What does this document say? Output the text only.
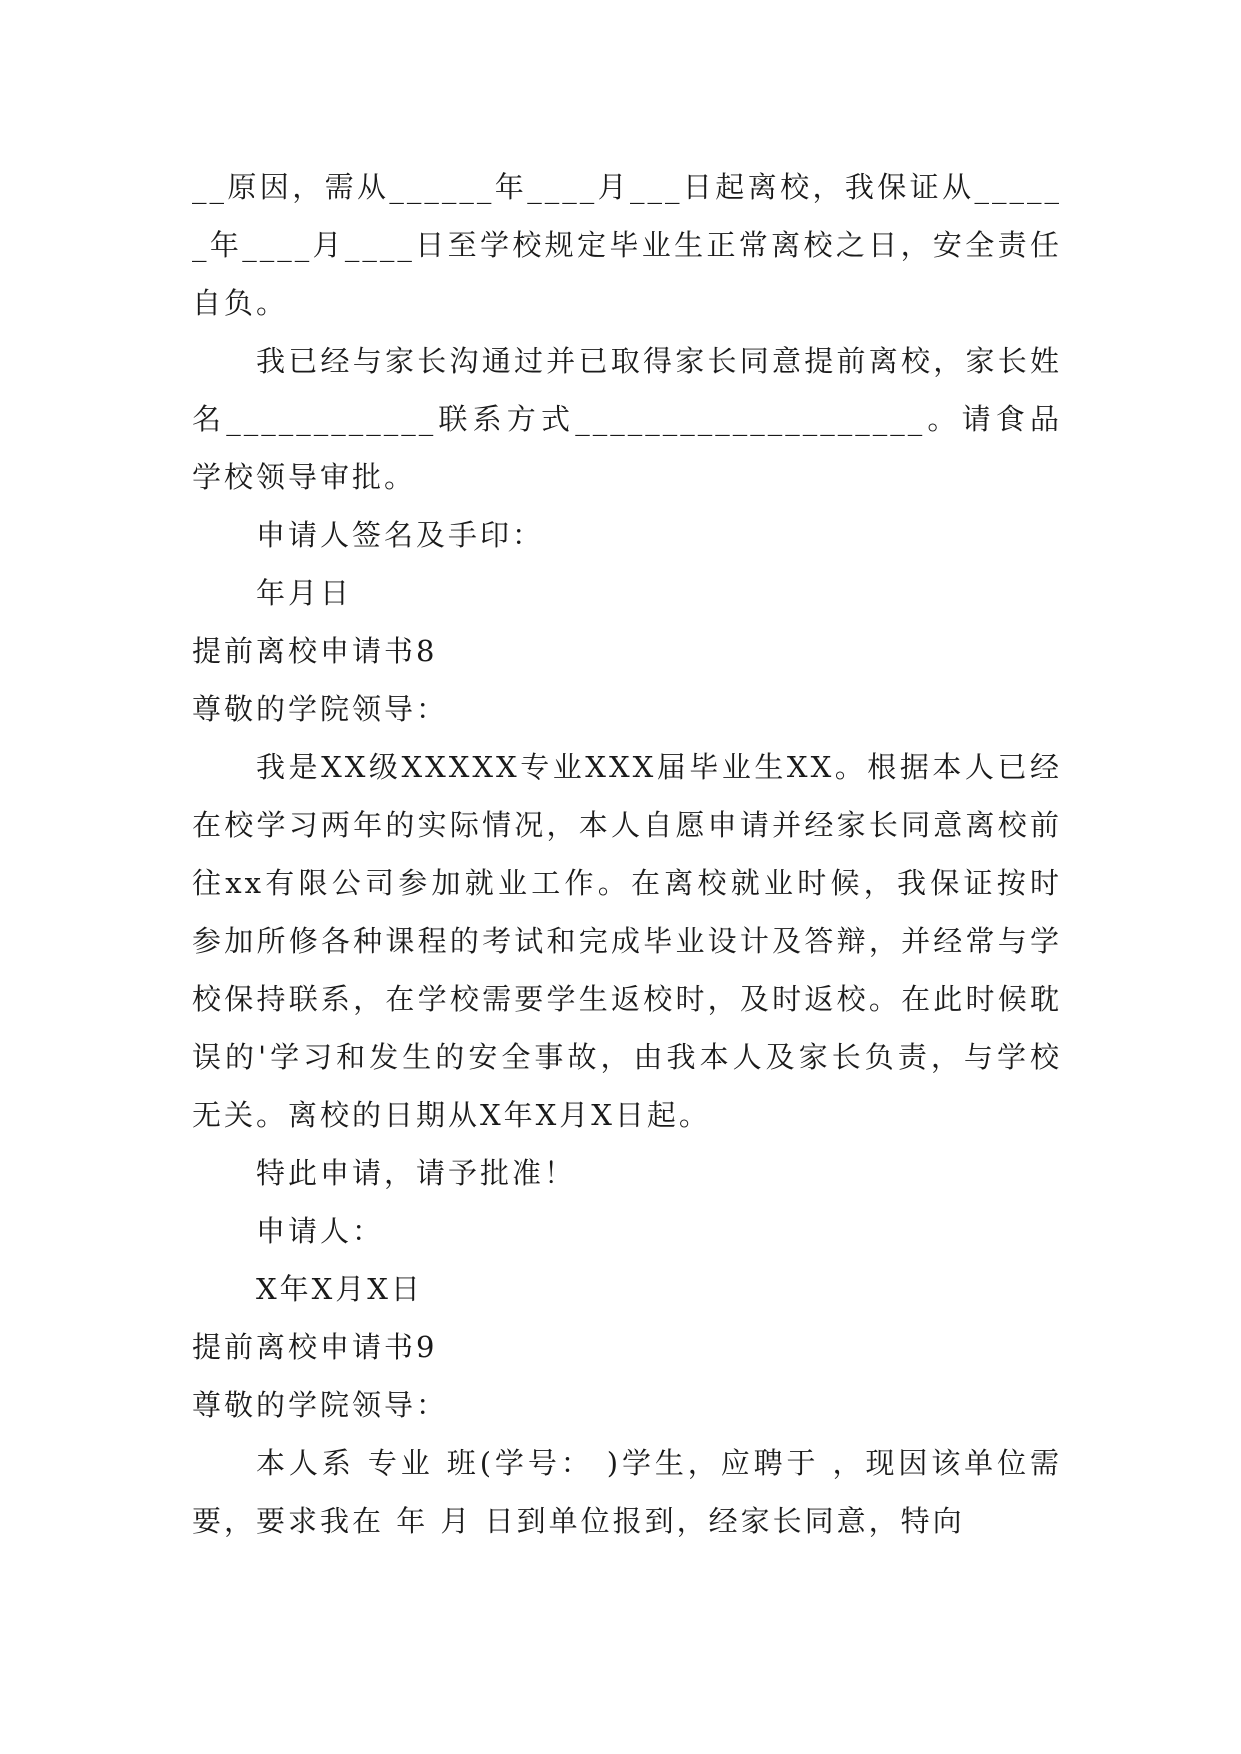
__原因，需从______年____月___日起离校，我保证从______年____月____日至学校规定毕业生正常离校之日，安全责任自负。

我已经与家长沟通过并已取得家长同意提前离校，家长姓名____________联系方式____________________。请食品学校领导审批。

申请人签名及手印：

年月日

提前离校申请书8

尊敬的学院领导：

我是XX级XXXXX专业XXX届毕业生XX。根据本人已经在校学习两年的实际情况，本人自愿申请并经家长同意离校前往xx有限公司参加就业工作。在离校就业时候，我保证按时参加所修各种课程的考试和完成毕业设计及答辩，并经常与学校保持联系，在学校需要学生返校时，及时返校。在此时候耽误的'学习和发生的安全事故，由我本人及家长负责，与学校无关。离校的日期从X年X月X日起。

特此申请，请予批准！

申请人：

X年X月X日

提前离校申请书9

尊敬的学院领导：

本人系 专业 班(学号： )学生，应聘于 ，现因该单位需要，要求我在 年 月 日到单位报到，经家长同意，特向
